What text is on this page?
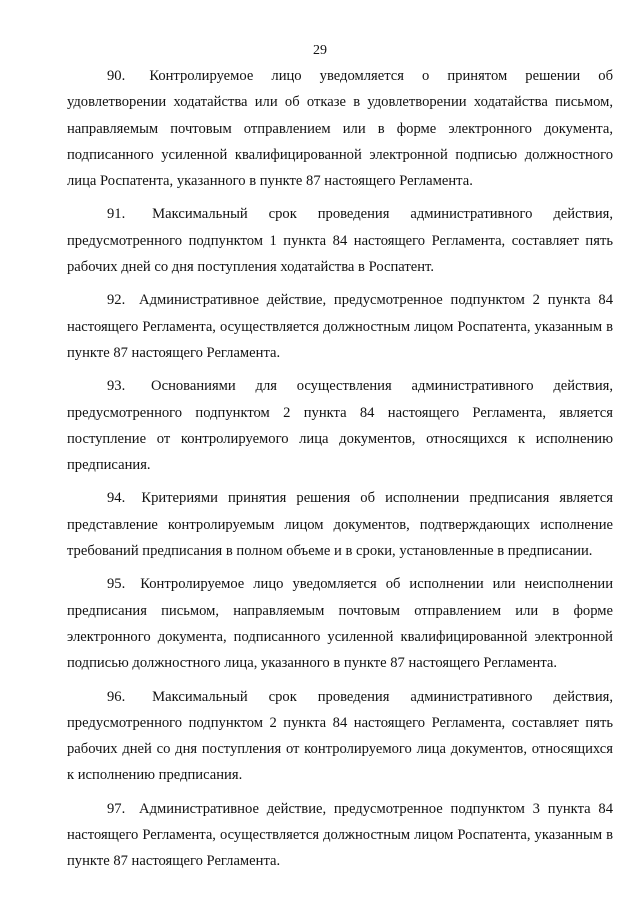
29

90. Контролируемое лицо уведомляется о принятом решении об удовлетворении ходатайства или об отказе в удовлетворении ходатайства письмом, направляемым почтовым отправлением или в форме электронного документа, подписанного усиленной квалифицированной электронной подписью должностного лица Роспатента, указанного в пункте 87 настоящего Регламента.

91. Максимальный срок проведения административного действия, предусмотренного подпунктом 1 пункта 84 настоящего Регламента, составляет пять рабочих дней со дня поступления ходатайства в Роспатент.

92. Административное действие, предусмотренное подпунктом 2 пункта 84 настоящего Регламента, осуществляется должностным лицом Роспатента, указанным в пункте 87 настоящего Регламента.

93. Основаниями для осуществления административного действия, предусмотренного подпунктом 2 пункта 84 настоящего Регламента, является поступление от контролируемого лица документов, относящихся к исполнению предписания.

94. Критериями принятия решения об исполнении предписания является представление контролируемым лицом документов, подтверждающих исполнение требований предписания в полном объеме и в сроки, установленные в предписании.

95. Контролируемое лицо уведомляется об исполнении или неисполнении предписания письмом, направляемым почтовым отправлением или в форме электронного документа, подписанного усиленной квалифицированной электронной подписью должностного лица, указанного в пункте 87 настоящего Регламента.

96. Максимальный срок проведения административного действия, предусмотренного подпунктом 2 пункта 84 настоящего Регламента, составляет пять рабочих дней со дня поступления от контролируемого лица документов, относящихся к исполнению предписания.

97. Административное действие, предусмотренное подпунктом 3 пункта 84 настоящего Регламента, осуществляется должностным лицом Роспатента, указанным в пункте 87 настоящего Регламента.
